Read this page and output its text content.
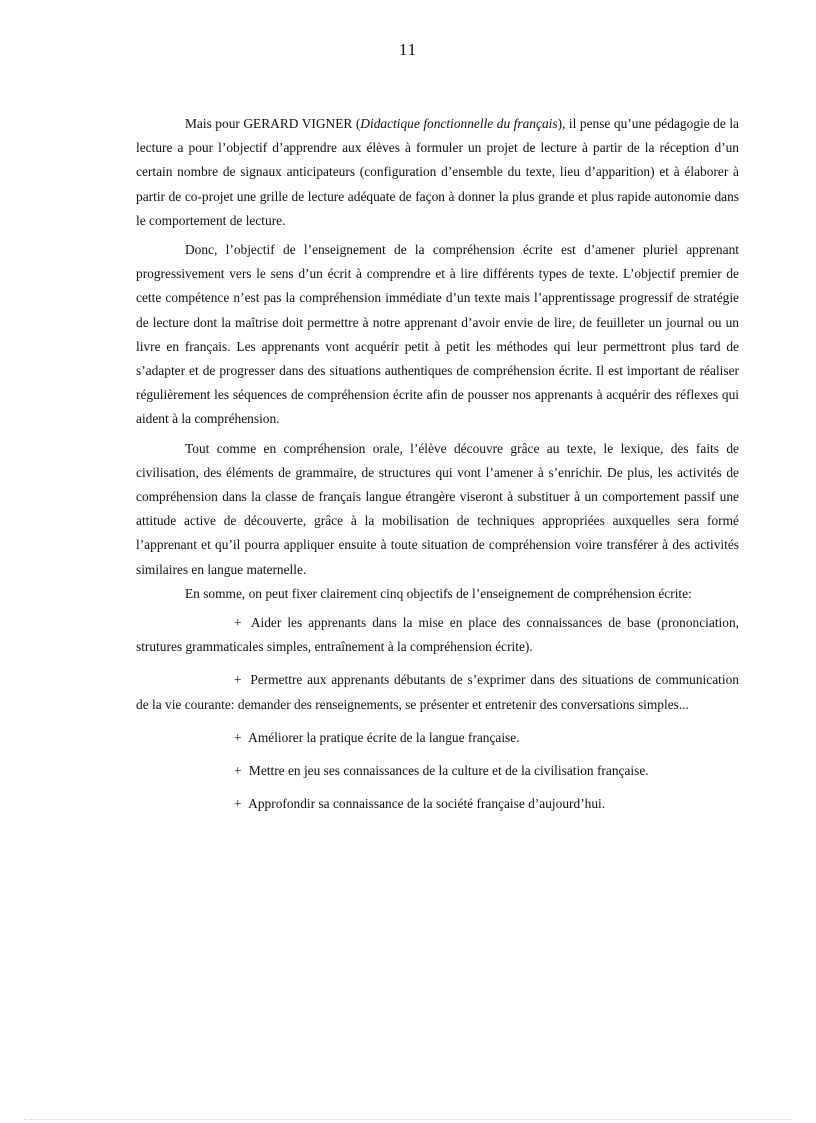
11

Mais pour GERARD VIGNER (Didactique fonctionnelle du français), il pense qu’une pédagogie de la lecture a pour l’objectif d’apprendre aux élèves à formuler un projet de lecture à partir de la réception d’un certain nombre de signaux anticipateurs (configuration d’ensemble du texte, lieu d’apparition) et à élaborer à partir de co-projet une grille de lecture adéquate de façon à donner la plus grande et plus rapide autonomie dans le comportement de lecture.

Donc, l’objectif de l’enseignement de la compréhension écrite est d’amener pluriel apprenant progressivement vers le sens d’un écrit à comprendre et à lire différents types de texte. L’objectif premier de cette compétence n’est pas la compréhension immédiate d’un texte mais l’apprentissage progressif de stratégie de lecture dont la maîtrise doit permettre à notre apprenant d’avoir envie de lire, de feuilleter un journal ou un livre en français. Les apprenants vont acquérir petit à petit les méthodes qui leur permettront plus tard de s’adapter et de progresser dans des situations authentiques de compréhension écrite. Il est important de réaliser régulièrement les séquences de compréhension écrite afin de pousser nos apprenants à acquérir des réflexes qui aident à la compréhension.

Tout comme en compréhension orale, l’élève découvre grâce au texte, le lexique, des faits de civilisation, des éléments de grammaire, de structures qui vont l’amener à s’enrichir. De plus, les activités de compréhension dans la classe de français langue étrangère viseront à substituer à un comportement passif une attitude active de découverte, grâce à la mobilisation de techniques appropriées auxquelles sera formé l’apprenant et qu’il pourra appliquer ensuite à toute situation de compréhension voire transférer à des activités similaires en langue maternelle.

En somme, on peut fixer clairement cinq objectifs de l’enseignement de compréhension écrite:

+ Aider les apprenants dans la mise en place des connaissances de base (prononciation, strutures grammaticales simples, entraînement à la compréhension écrite).

+ Permettre aux apprenants débutants de s’exprimer dans des situations de communication de la vie courante: demander des renseignements, se présenter et entretenir des conversations simples...

+ Améliorer la pratique écrite de la langue française.

+ Mettre en jeu ses connaissances de la culture et de la civilisation française.

+ Approfondir sa connaissance de la société française d’aujourd’hui.
